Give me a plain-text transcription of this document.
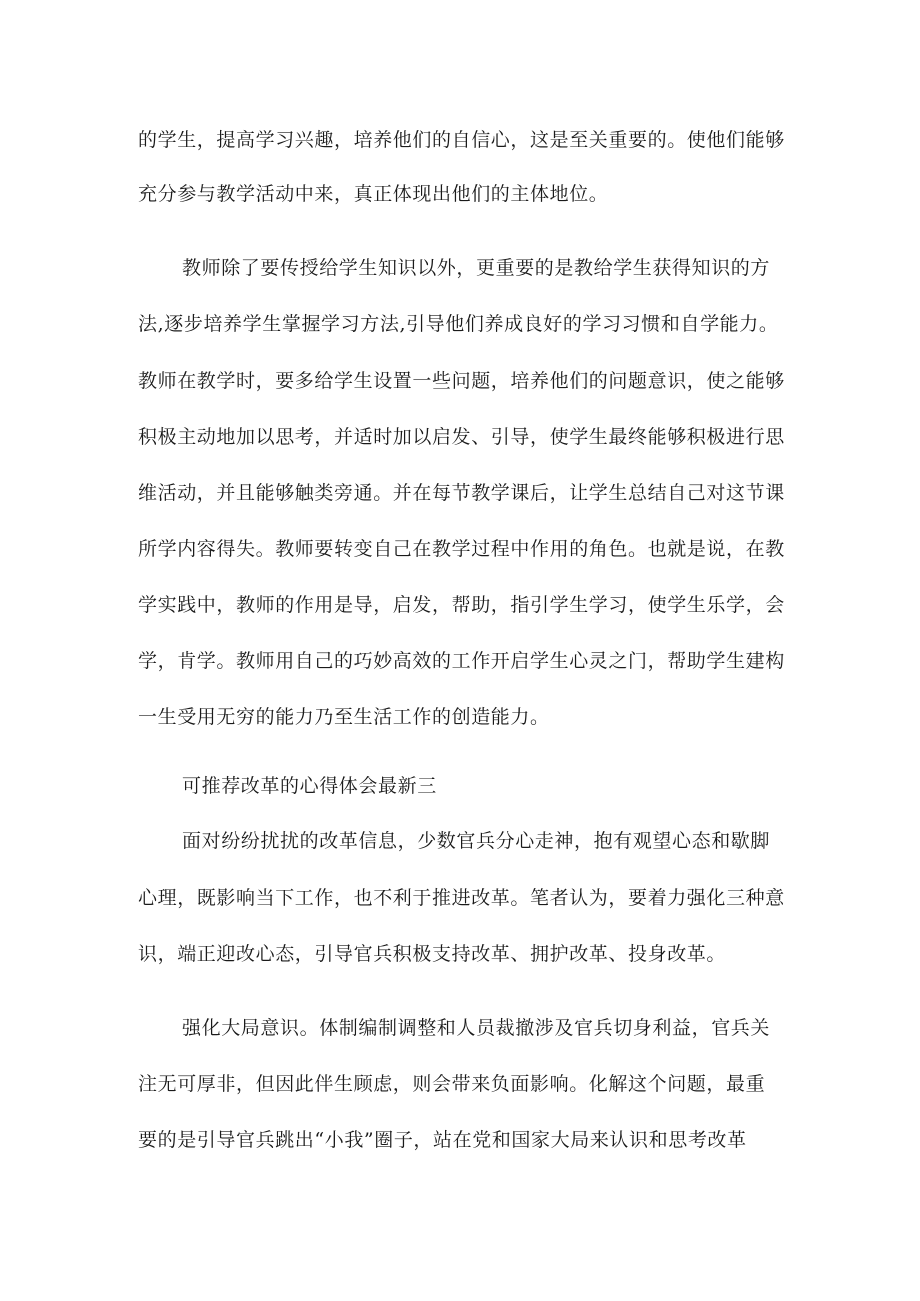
的学生，提高学习兴趣，培养他们的自信心，这是至关重要的。使他们能够
充分参与教学活动中来，真正体现出他们的主体地位。
教师除了要传授给学生知识以外，更重要的是教给学生获得知识的方
法,逐步培养学生掌握学习方法,引导他们养成良好的学习习惯和自学能力。
教师在教学时，要多给学生设置一些问题，培养他们的问题意识，使之能够
积极主动地加以思考，并适时加以启发、引导，使学生最终能够积极进行思
维活动，并且能够触类旁通。并在每节教学课后，让学生总结自己对这节课
所学内容得失。教师要转变自己在教学过程中作用的角色。也就是说，在教
学实践中，教师的作用是导，启发，帮助，指引学生学习，使学生乐学，会
学，肯学。教师用自己的巧妙高效的工作开启学生心灵之门，帮助学生建构
一生受用无穷的能力乃至生活工作的创造能力。
可推荐改革的心得体会最新三
面对纷纷扰扰的改革信息，少数官兵分心走神，抱有观望心态和歇脚
心理，既影响当下工作，也不利于推进改革。笔者认为，要着力强化三种意
识，端正迎改心态，引导官兵积极支持改革、拥护改革、投身改革。
强化大局意识。体制编制调整和人员裁撤涉及官兵切身利益，官兵关
注无可厚非，但因此伴生顾虑，则会带来负面影响。化解这个问题，最重
要的是引导官兵跳出“小我”圈子，站在党和国家大局来认识和思考改革
